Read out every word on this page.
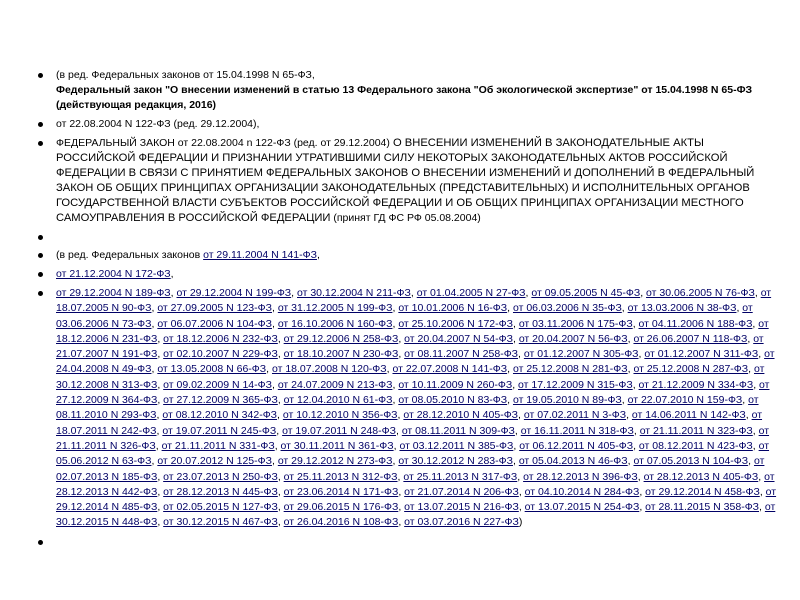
(в ред. Федеральных законов от 15.04.1998 N 65-ФЗ,
Федеральный закон "О внесении изменений в статью 13 Федерального закона "Об экологической экспертизе" от 15.04.1998 N 65-ФЗ (действующая редакция, 2016)
от 22.08.2004 N 122-ФЗ (ред. 29.12.2004),
ФЕДЕРАЛЬНЫЙ ЗАКОН от 22.08.2004 n 122-ФЗ (ред. от 29.12.2004) О ВНЕСЕНИИ ИЗМЕНЕНИЙ В ЗАКОНОДАТЕЛЬНЫЕ АКТЫ РОССИЙСКОЙ ФЕДЕРАЦИИ И ПРИЗНАНИИ УТРАТИВШИМИ СИЛУ НЕКОТОРЫХ ЗАКОНОДАТЕЛЬНЫХ АКТОВ РОССИЙСКОЙ ФЕДЕРАЦИИ В СВЯЗИ С ПРИНЯТИЕМ ФЕДЕРАЛЬНЫХ ЗАКОНОВ О ВНЕСЕНИИ ИЗМЕНЕНИЙ И ДОПОЛНЕНИЙ В ФЕДЕРАЛЬНЫЙ ЗАКОН ОБ ОБЩИХ ПРИНЦИПАХ ОРГАНИЗАЦИИ ЗАКОНОДАТЕЛЬНЫХ (ПРЕДСТАВИТЕЛЬНЫХ) И ИСПОЛНИТЕЛЬНЫХ ОРГАНОВ ГОСУДАРСТВЕННОЙ ВЛАСТИ СУБЪЕКТОВ РОССИЙСКОЙ ФЕДЕРАЦИИ И ОБ ОБЩИХ ПРИНЦИПАХ ОРГАНИЗАЦИИ МЕСТНОГО САМОУПРАВЛЕНИЯ В РОССИЙСКОЙ ФЕДЕРАЦИИ (принят ГД ФС РФ 05.08.2004)
(в ред. Федеральных законов от 29.11.2004 N 141-ФЗ,
от 21.12.2004 N 172-ФЗ,
от 29.12.2004 N 189-ФЗ, от 29.12.2004 N 199-ФЗ, от 30.12.2004 N 211-ФЗ, от 01.04.2005 N 27-ФЗ, от 09.05.2005 N 45-ФЗ, от 30.06.2005 N 76-ФЗ, от 18.07.2005 N 90-ФЗ, от 27.09.2005 N 123-ФЗ, от 31.12.2005 N 199-ФЗ, от 10.01.2006 N 16-ФЗ, от 06.03.2006 N 35-ФЗ, от 13.03.2006 N 38-ФЗ, от 03.06.2006 N 73-ФЗ, от 06.07.2006 N 104-ФЗ, от 16.10.2006 N 160-ФЗ, от 25.10.2006 N 172-ФЗ, от 03.11.2006 N 175-ФЗ, от 04.11.2006 N 188-ФЗ, от 18.12.2006 N 231-ФЗ, от 18.12.2006 N 232-ФЗ, от 29.12.2006 N 258-ФЗ, от 20.04.2007 N 54-ФЗ, от 20.04.2007 N 56-ФЗ, от 26.06.2007 N 118-ФЗ, от 21.07.2007 N 191-ФЗ, от 02.10.2007 N 229-ФЗ, от 18.10.2007 N 230-ФЗ, от 08.11.2007 N 258-ФЗ, от 01.12.2007 N 305-ФЗ, от 01.12.2007 N 311-ФЗ, от 24.04.2008 N 49-ФЗ, от 13.05.2008 N 66-ФЗ, от 18.07.2008 N 120-ФЗ, от 22.07.2008 N 141-ФЗ, от 25.12.2008 N 281-ФЗ, от 25.12.2008 N 287-ФЗ, от 30.12.2008 N 313-ФЗ, от 09.02.2009 N 14-ФЗ, от 24.07.2009 N 213-ФЗ, от 10.11.2009 N 260-ФЗ, от 17.12.2009 N 315-ФЗ, от 21.12.2009 N 334-ФЗ, от 27.12.2009 N 364-ФЗ, от 27.12.2009 N 365-ФЗ, от 12.04.2010 N 61-ФЗ, от 08.05.2010 N 83-ФЗ, от 19.05.2010 N 89-ФЗ, от 22.07.2010 N 159-ФЗ, от 08.11.2010 N 293-ФЗ, от 08.12.2010 N 342-ФЗ, от 10.12.2010 N 356-ФЗ, от 28.12.2010 N 405-ФЗ, от 07.02.2011 N 3-ФЗ, от 14.06.2011 N 142-ФЗ, от 18.07.2011 N 242-ФЗ, от 19.07.2011 N 245-ФЗ, от 19.07.2011 N 248-ФЗ, от 08.11.2011 N 309-ФЗ, от 16.11.2011 N 318-ФЗ, от 21.11.2011 N 323-ФЗ, от 21.11.2011 N 326-ФЗ, от 21.11.2011 N 331-ФЗ, от 30.11.2011 N 361-ФЗ, от 03.12.2011 N 385-ФЗ, от 06.12.2011 N 405-ФЗ, от 08.12.2011 N 423-ФЗ, от 05.06.2012 N 63-ФЗ, от 20.07.2012 N 125-ФЗ, от 29.12.2012 N 273-ФЗ, от 30.12.2012 N 283-ФЗ, от 05.04.2013 N 46-ФЗ, от 07.05.2013 N 104-ФЗ, от 02.07.2013 N 185-ФЗ, от 23.07.2013 N 250-ФЗ, от 25.11.2013 N 312-ФЗ, от 25.11.2013 N 317-ФЗ, от 28.12.2013 N 396-ФЗ, от 28.12.2013 N 405-ФЗ, от 28.12.2013 N 442-ФЗ, от 28.12.2013 N 445-ФЗ, от 23.06.2014 N 171-ФЗ, от 21.07.2014 N 206-ФЗ, от 04.10.2014 N 284-ФЗ, от 29.12.2014 N 458-ФЗ, от 29.12.2014 N 485-ФЗ, от 02.05.2015 N 127-ФЗ, от 29.06.2015 N 176-ФЗ, от 13.07.2015 N 216-ФЗ, от 13.07.2015 N 254-ФЗ, от 28.11.2015 N 358-ФЗ, от 30.12.2015 N 448-ФЗ, от 30.12.2015 N 467-ФЗ, от 26.04.2016 N 108-ФЗ, от 03.07.2016 N 227-ФЗ)
